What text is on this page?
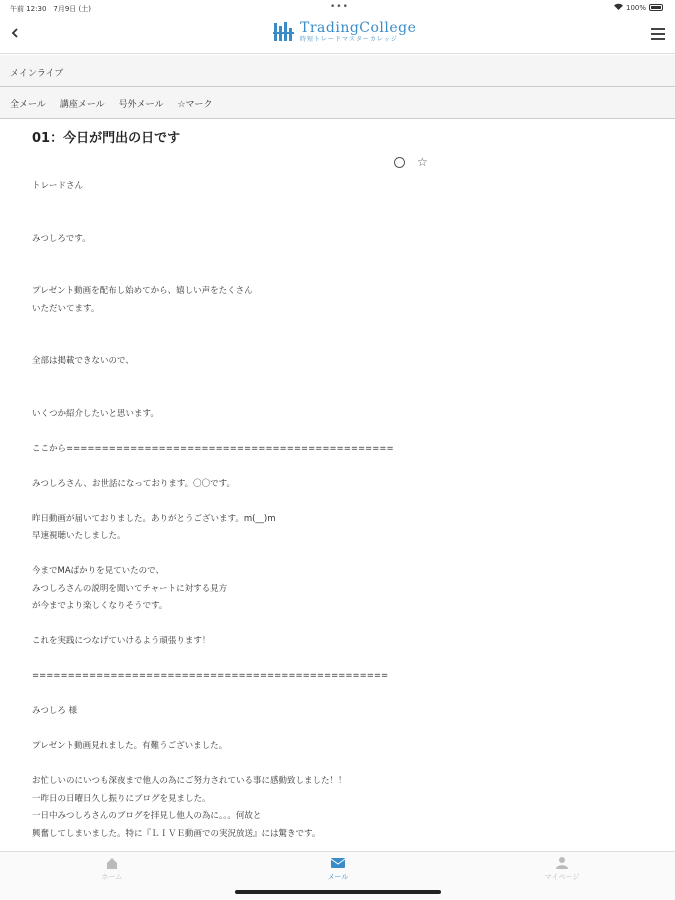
午前 12:30　7月9日 (土)	•••	100%
TradingCollege
時短トレードマスターカレッジ
メインライブ
全メール 講座メール 号外メール ☆マーク
01：今日が門出の日です
☆

トレードさん

みつしろです。

プレゼント動画を配布し始めてから、嬉しい声をたくさん

いただいてます。

全部は掲載できないので、

いくつか紹介したいと思います。

ここから==============================================

みつしろさん、お世話になっております。〇〇です。

昨日動画が届いておりました。ありがとうございます。m(__)m

早速視聴いたしました。

今までMAばかりを見ていたので、

みつしろさんの説明を聞いてチャートに対する見方

が今までより楽しくなりそうです。

これを実践につなげていけるよう頑張ります！

==================================================

みつしろ 様

プレゼント動画見れました。有難うございました。

お忙しいのにいつも深夜まで他人の為にご努力されている事に感動致しました！！

一昨日の日曜日久し振りにブログを見ました。

一日中みつしろさんのブログを拝見し他人の為に。。。何故と

興奮してしまいました。特に『ＬＩＶＥ動画での実況放送』には驚きです。

ホーム	メール	マイページ
